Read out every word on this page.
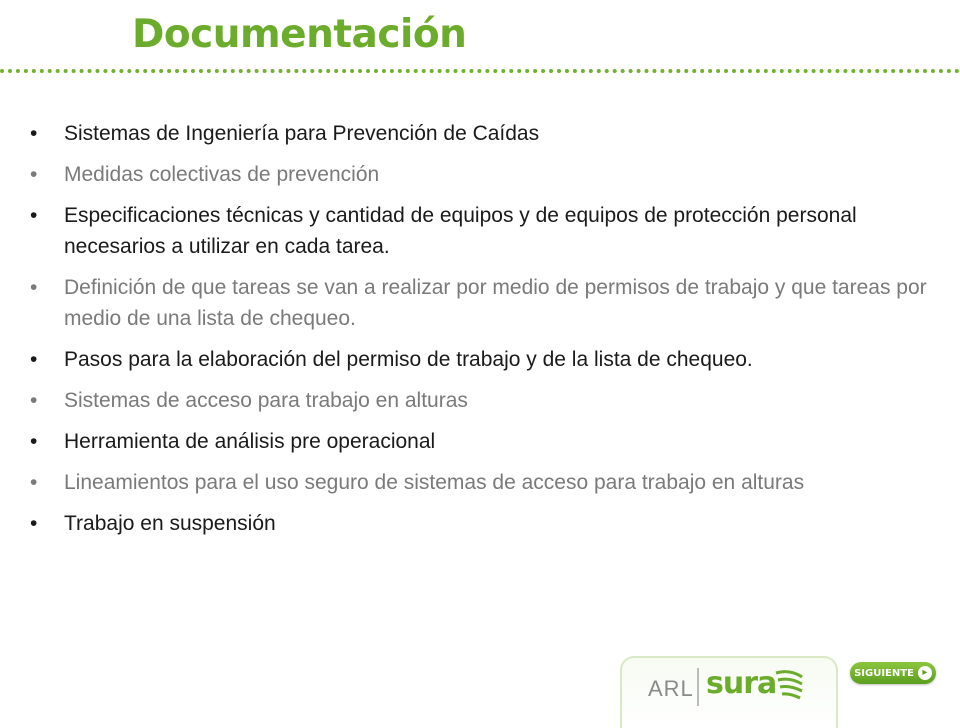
Documentación
• Sistemas de Ingeniería para Prevención de Caídas
• Medidas colectivas de prevención
• Especificaciones técnicas y cantidad de equipos y de equipos de protección personal necesarios a utilizar en cada tarea.
• Definición de que tareas se van a realizar por medio de permisos de trabajo y que tareas por medio de una lista de chequeo.
• Pasos para la elaboración del permiso de trabajo y de la lista de chequeo.
• Sistemas de acceso para trabajo en alturas
• Herramienta de análisis pre operacional
• Lineamientos para el uso seguro de sistemas de acceso para trabajo en alturas
• Trabajo en suspensión
ARL sura	SIGUIENTE ▸
